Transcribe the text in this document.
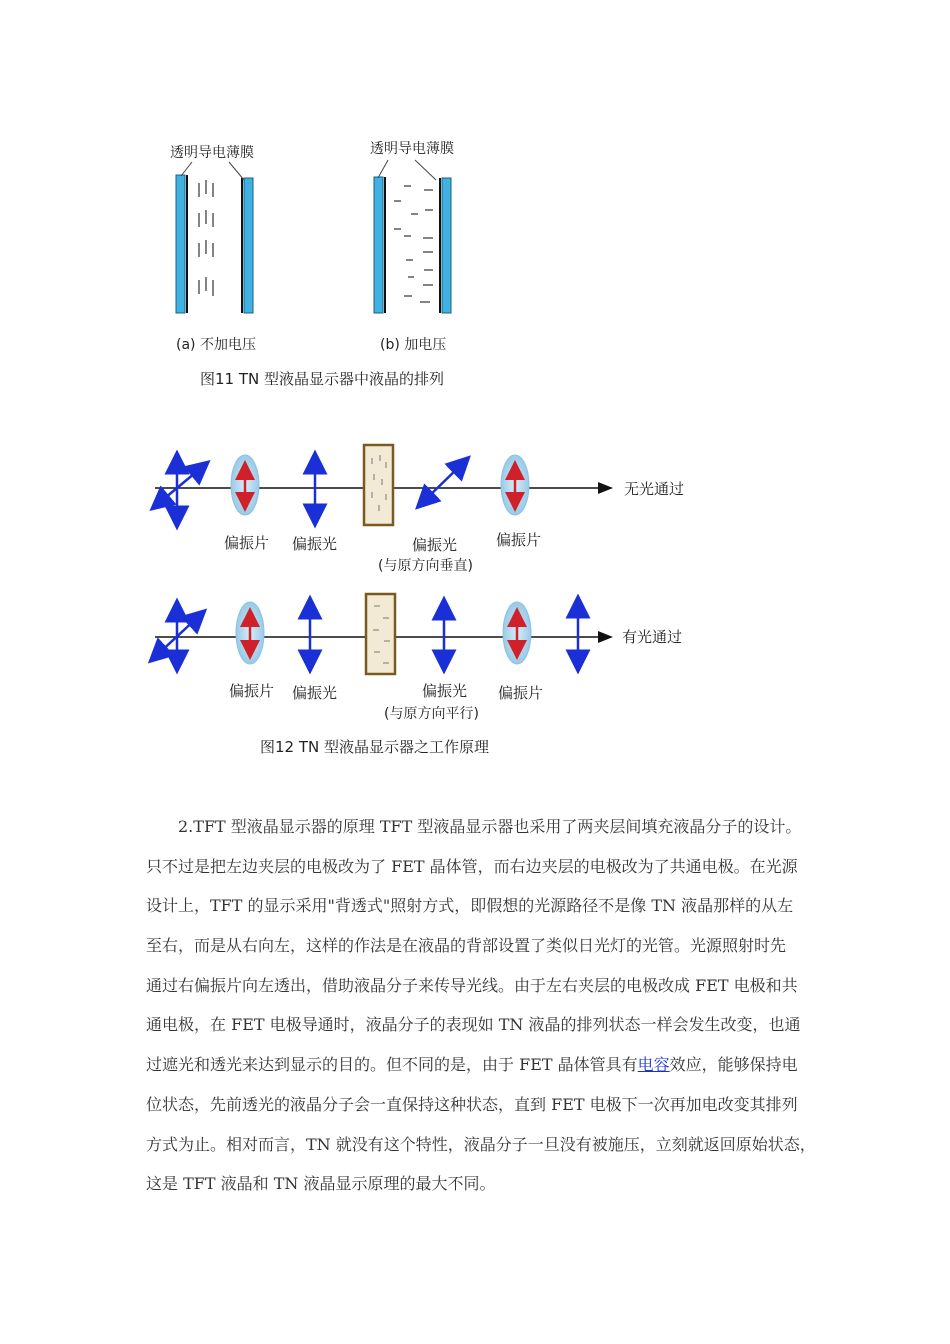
透明导电薄膜	透明导电薄膜
(a) 不加电压	(b) 加电压
图11 TN 型液晶显示器中液晶的排列
偏振片 偏振光	偏振光
(与原方向垂直)
偏振片
无光通过
偏振片 偏振光	偏振光
(与原方向平行)
偏振片
有光通过
图12 TN 型液晶显示器之工作原理
2.TFT 型液晶显示器的原理 TFT 型液晶显示器也采用了两夹层间填充液晶分子的设计。
只不过是把左边夹层的电极改为了 FET 晶体管，而右边夹层的电极改为了共通电极。在光源
设计上，TFT 的显示采用"背透式"照射方式，即假想的光源路径不是像 TN 液晶那样的从左
至右，而是从右向左，这样的作法是在液晶的背部设置了类似日光灯的光管。光源照射时先
通过右偏振片向左透出，借助液晶分子来传导光线。由于左右夹层的电极改成 FET 电极和共
通电极，在 FET 电极导通时，液晶分子的表现如 TN 液晶的排列状态一样会发生改变，也通
过遮光和透光来达到显示的目的。但不同的是，由于 FET 晶体管具有电容效应，能够保持电
位状态，先前透光的液晶分子会一直保持这种状态，直到 FET 电极下一次再加电改变其排列
方式为止。相对而言，TN 就没有这个特性，液晶分子一旦没有被施压，立刻就返回原始状态，
这是 TFT 液晶和 TN 液晶显示原理的最大不同。
